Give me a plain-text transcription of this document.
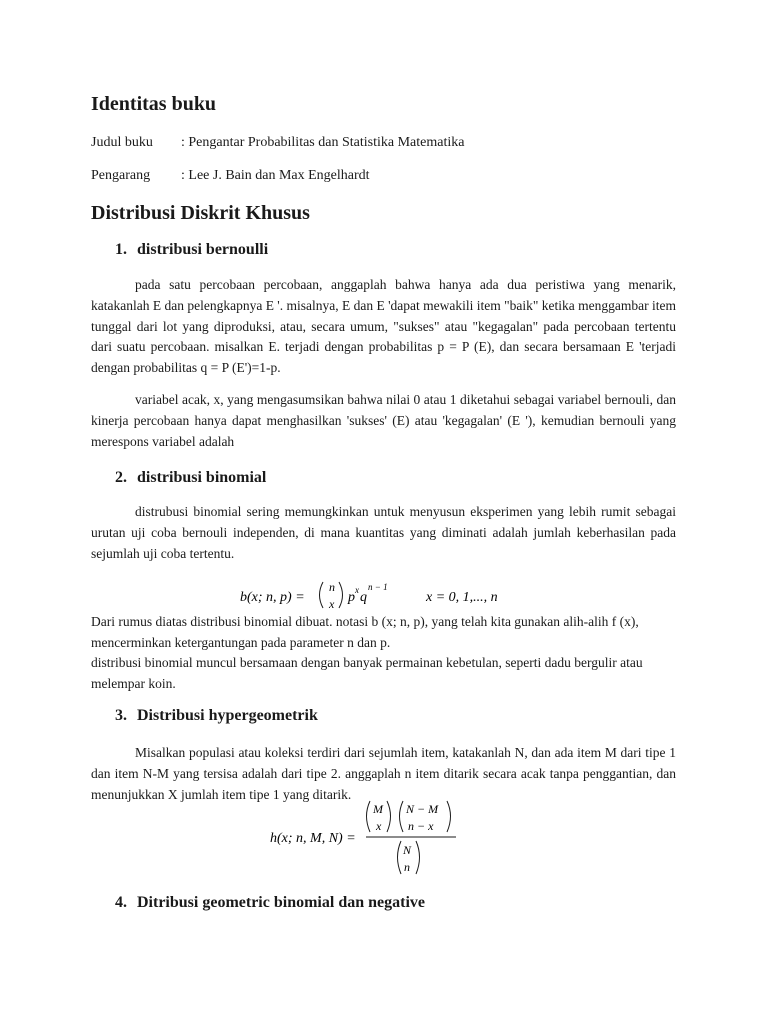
Identitas buku
Judul buku : Pengantar Probabilitas dan Statistika Matematika
Pengarang : Lee J. Bain dan Max Engelhardt
Distribusi Diskrit Khusus
1. distribusi bernoulli
pada satu percobaan percobaan, anggaplah bahwa hanya ada dua peristiwa yang menarik, katakanlah E dan pelengkapnya E '. misalnya, E dan E 'dapat mewakili item "baik" ketika menggambar item tunggal dari lot yang diproduksi, atau, secara umum, "sukses" atau "kegagalan" pada percobaan tertentu dari suatu percobaan. misalkan E. terjadi dengan probabilitas p = P (E), dan secara bersamaan E 'terjadi dengan probabilitas q = P (E')=1-p.
variabel acak, x, yang mengasumsikan bahwa nilai 0 atau 1 diketahui sebagai variabel bernouli, dan kinerja percobaan hanya dapat menghasilkan 'sukses' (E) atau 'kegagalan' (E '), kemudian bernouli yang merespons variabel adalah
2. distribusi binomial
distrubusi binomial sering memungkinkan untuk menyusun eksperimen yang lebih rumit sebagai urutan uji coba bernouli independen, di mana kuantitas yang diminati adalah jumlah keberhasilan pada sejumlah uji coba tertentu.
b(x; n, p) =
n
x p x q
n − 1
x = 0, 1,..., n
Dari rumus diatas distribusi binomial dibuat. notasi b (x; n, p), yang telah kita gunakan alih-alih f (x), mencerminkan ketergantungan pada parameter n dan p.
distribusi binomial muncul bersamaan dengan banyak permainan kebetulan, seperti dadu bergulir atau melempar koin.
3. Distribusi hypergeometrik
Misalkan populasi atau koleksi terdiri dari sejumlah item, katakanlah N, dan ada item M dari tipe 1 dan item N-M yang tersisa adalah dari tipe 2. anggaplah n item ditarik secara acak tanpa penggantian, dan menunjukkan X jumlah item tipe 1 yang ditarik.
h(x; n, M, N) =
M
x
N − M
n − x
N
n
4. Ditribusi geometric binomial dan negative
